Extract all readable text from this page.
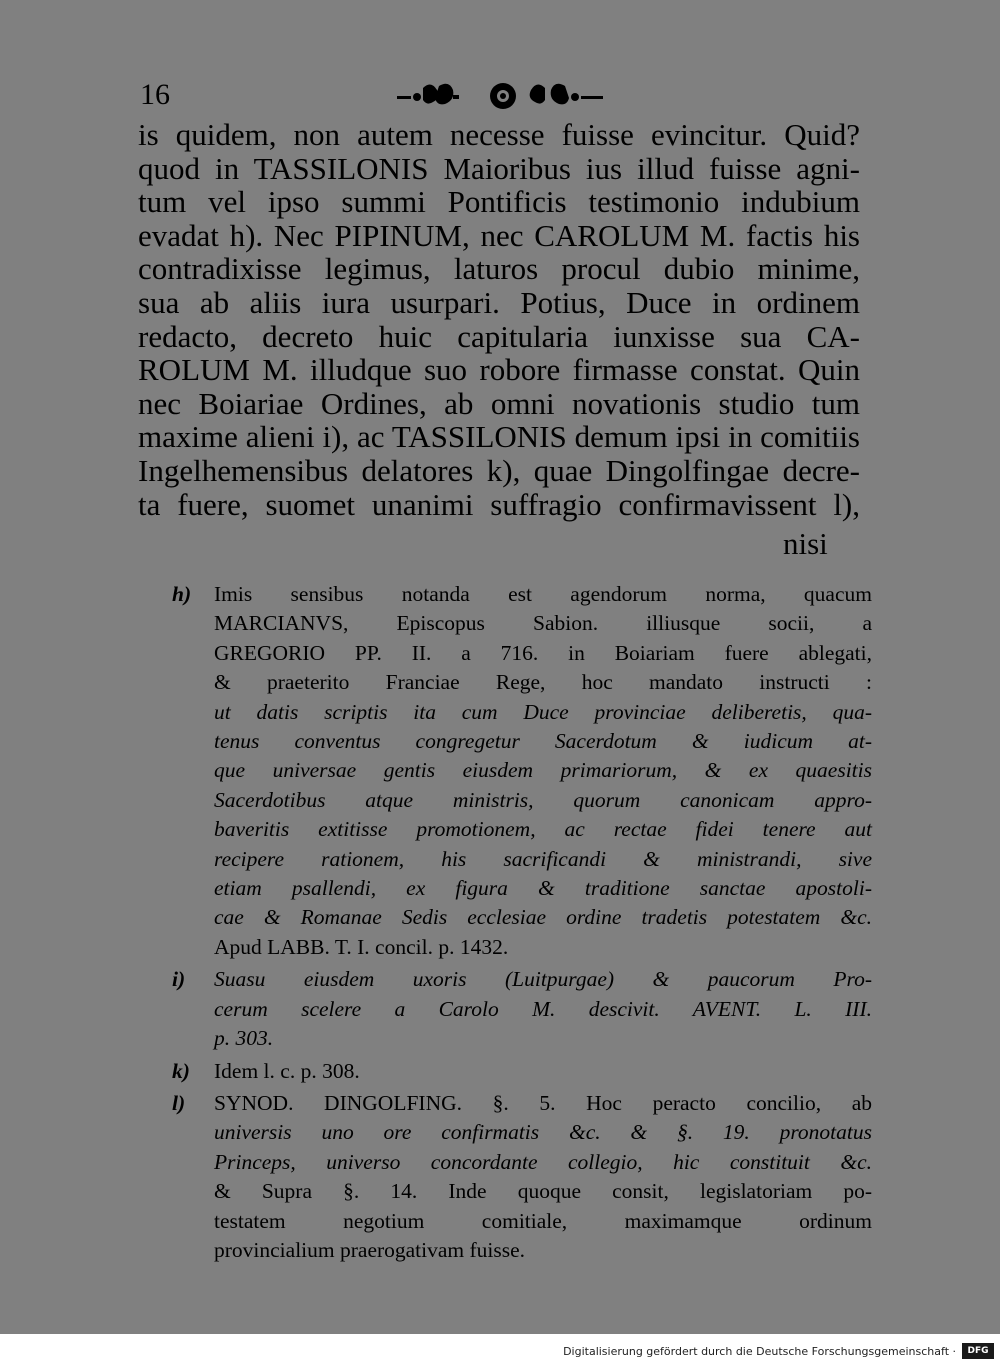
16
is quidem, non autem necesse fuisse evincitur. Quid?
quod in TASSILONIS Maioribus ius illud fuisse agni-
tum vel ipso summi Pontificis testimonio indubium
evadat h). Nec PIPINUM, nec CAROLUM M. factis his
contradixisse legimus, laturos procul dubio minime,
sua ab aliis iura usurpari. Potius, Duce in ordinem
redacto, decreto huic capitularia iunxisse sua CA-
ROLUM M. illudque suo robore firmasse constat. Quin
nec Boiariae Ordines, ab omni novationis studio tum
maxime alieni i), ac TASSILONIS demum ipsi in comitiis
Ingelhemensibus delatores k), quae Dingolfingae decre-
ta fuere, suomet unanimi suffragio confirmavissent l),
nisi
h) Imis sensibus notanda est agendorum norma, quacum
MARCIANVS, Episcopus Sabion. illiusque socii, a
GREGORIO PP. II. a 716. in Boiariam fuere ablegati,
& praeterito Franciae Rege, hoc mandato instructi :
ut datis scriptis ita cum Duce provinciae deliberetis, qua-
tenus conventus congregetur Sacerdotum & iudicum at-
que universae gentis eiusdem primariorum, & ex quaesitis
Sacerdotibus atque ministris, quorum canonicam appro-
baveritis extitisse promotionem, ac rectae fidei tenere aut
recipere rationem, his sacrificandi & ministrandi, sive
etiam psallendi, ex figura & traditione sanctae apostoli-
cae & Romanae Sedis ecclesiae ordine tradetis potestatem &c.
Apud LABB. T. I. concil. p. 1432.
i) Suasu eiusdem uxoris (Luitpurgae) & paucorum Pro-
cerum scelere a Carolo M. descivit. AVENT. L. III.
p. 303.
k) Idem l. c. p. 308.
l) SYNOD. DINGOLFING. §. 5. Hoc peracto concilio, ab
universis uno ore confirmatis &c. & §. 19. pronotatus
Princeps, universo concordante collegio, hic constituit &c.
& Supra §. 14. Inde quoque consit, legislatoriam po-
testatem negotium comitiale, maximamque ordinum
provincialium praerogativam fuisse.
Digitalisierung gefördert durch die Deutsche Forschungsgemeinschaft ·	DFG
